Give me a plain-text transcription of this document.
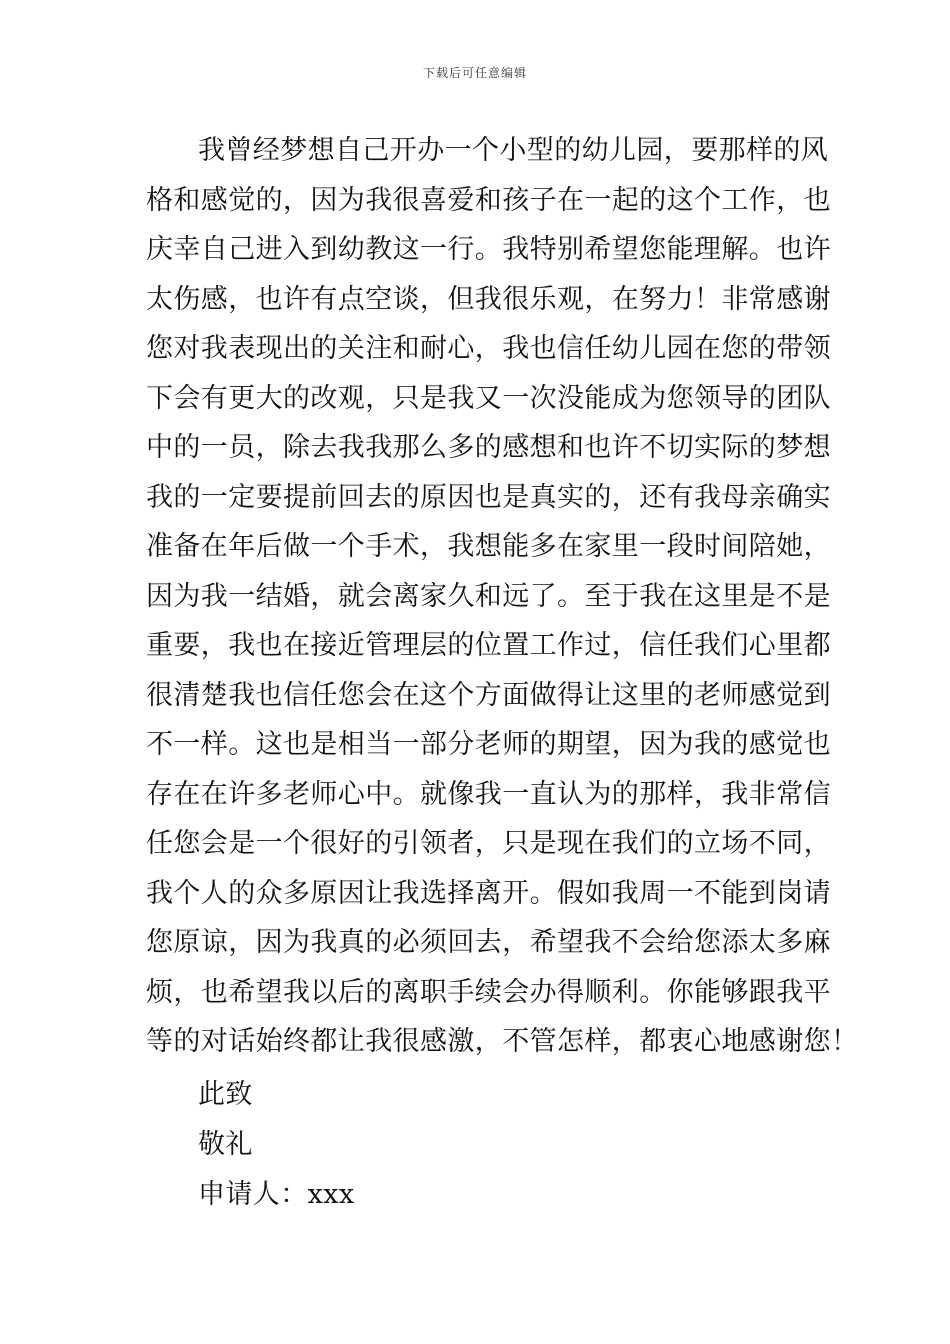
下载后可任意编辑
我曾经梦想自己开办一个小型的幼儿园，要那样的风
格和感觉的，因为我很喜爱和孩子在一起的这个工作，也
庆幸自己进入到幼教这一行。我特别希望您能理解。也许
太伤感，也许有点空谈，但我很乐观，在努力！非常感谢
您对我表现出的关注和耐心，我也信任幼儿园在您的带领
下会有更大的改观，只是我又一次没能成为您领导的团队
中的一员，除去我我那么多的感想和也许不切实际的梦想
我的一定要提前回去的原因也是真实的，还有我母亲确实
准备在年后做一个手术，我想能多在家里一段时间陪她，
因为我一结婚，就会离家久和远了。至于我在这里是不是
重要，我也在接近管理层的位置工作过，信任我们心里都
很清楚我也信任您会在这个方面做得让这里的老师感觉到
不一样。这也是相当一部分老师的期望，因为我的感觉也
存在在许多老师心中。就像我一直认为的那样，我非常信
任您会是一个很好的引领者，只是现在我们的立场不同，
我个人的众多原因让我选择离开。假如我周一不能到岗请
您原谅，因为我真的必须回去，希望我不会给您添太多麻
烦，也希望我以后的离职手续会办得顺利。你能够跟我平
等的对话始终都让我很感激，不管怎样，都衷心地感谢您！
此致
敬礼
申请人：xxx
